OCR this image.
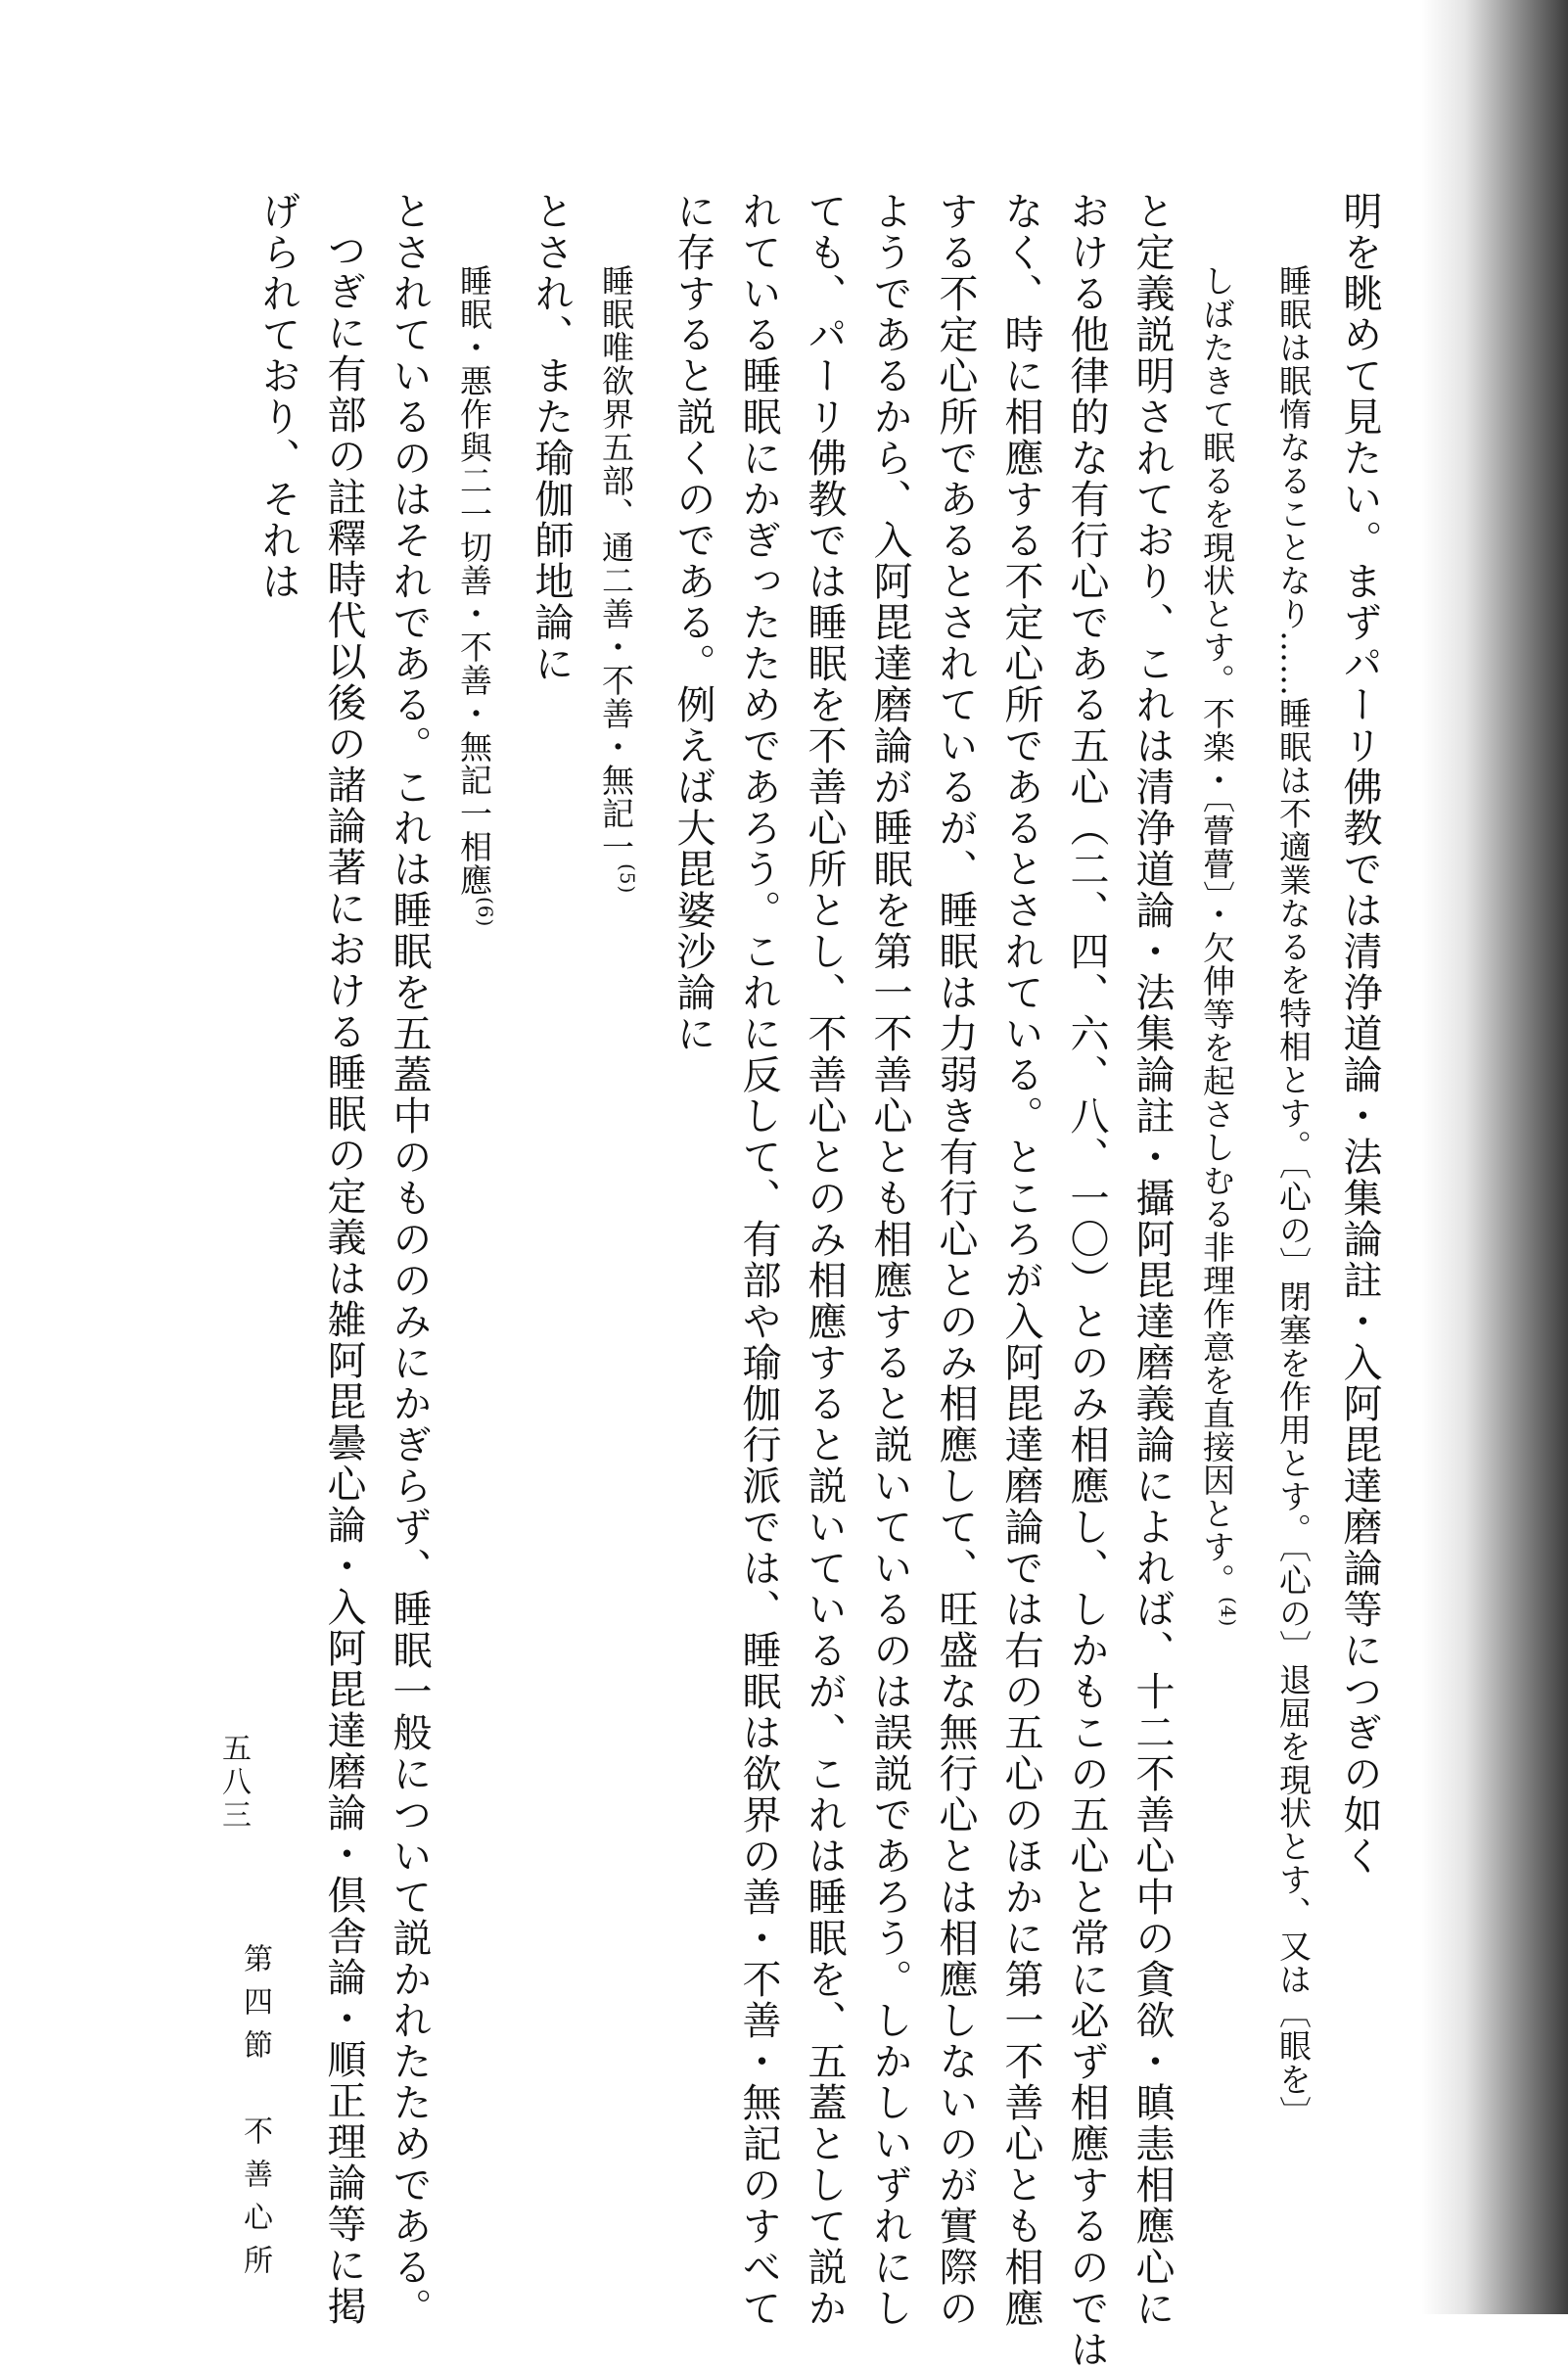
明を眺めて見たい。まずパーリ佛教では清浄道論・法集論註・入阿毘達磨論等につぎの如く
睡眠は眠惰なることなり……睡眠は不適業なるを特相とす。〔心の〕閉塞を作用とす。〔心の〕退屈を現状とす、又は〔眼を〕
しばたきて眠るを現状とす。不楽・〔瞢瞢〕・欠伸等を起さしむる非理作意を直接因とす。$^{(4)}$
と定義説明されており、これは清浄道論・法集論註・攝阿毘達磨義論によれば、十二不善心中の貪欲・瞋恚相應心に
おける他律的な有行心である五心（二、四、六、八、一〇）とのみ相應し、しかもこの五心と常に必ず相應するのでは
なく、時に相應する不定心所であるとされている。ところが入阿毘達磨論では右の五心のほかに第一不善心とも相應
する不定心所であるとされているが、睡眠は力弱き有行心とのみ相應して、旺盛な無行心とは相應しないのが實際の
ようであるから、入阿毘達磨論が睡眠を第一不善心とも相應すると説いているのは誤説であろう。しかしいずれにし
ても、パーリ佛教では睡眠を不善心所とし、不善心とのみ相應すると説いているが、これは睡眠を、五蓋として説か
れている睡眠にかぎったためであろう。これに反して、有部や瑜伽行派では、睡眠は欲界の善・不善・無記のすべて
に存すると説くのである。例えば大毘婆沙論に
睡眠唯欲界五部、通二善・不善・無記一$^{(5)}$
とされ、また瑜伽師地論に
睡眠・悪作與二一切善・不善・無記一相應$^{(6)}$
とされているのはそれである。これは睡眠を五蓋中のもののみにかぎらず、睡眠一般について説かれたためである。
つぎに有部の註釋時代以後の諸論著における睡眠の定義は雑阿毘曇心論・入阿毘達磨論・倶舎論・順正理論等に掲
げられており、それは
第四節　不善心所
五八三
